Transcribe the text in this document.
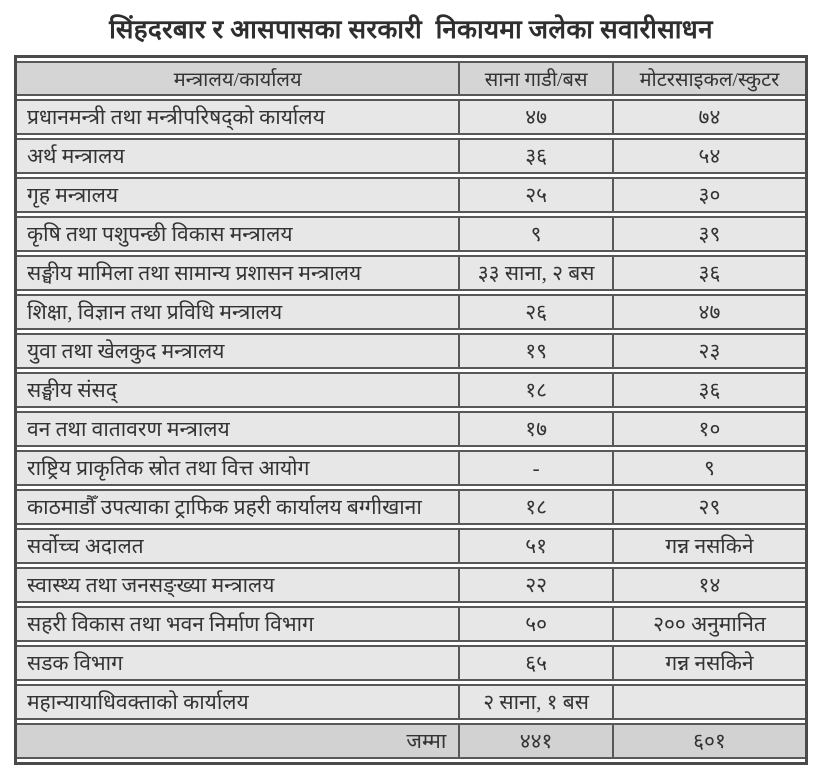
सिंहदरबार र आसपासका सरकारी  निकायमा जलेका सवारीसाधन
मन्त्रालय/कार्यालय	साना गाडी/बस	मोटरसाइकल/स्कुटर
प्रधानमन्त्री तथा मन्त्रीपरिषद्को कार्यालय	४७	७४
अर्थ मन्त्रालय	३६	५४
गृह मन्त्रालय	२५	३०
कृषि तथा पशुपन्छी विकास मन्त्रालय	९	३९
सङ्घीय मामिला तथा सामान्य प्रशासन मन्त्रालय	३३ साना, २ बस	३६
शिक्षा, विज्ञान तथा प्रविधि मन्त्रालय	२६	४७
युवा तथा खेलकुद मन्त्रालय	१९	२३
सङ्घीय संसद्	१८	३६
वन तथा वातावरण मन्त्रालय	१७	१०
राष्ट्रिय प्राकृतिक स्रोत तथा वित्त आयोग	-	९
काठमाडौँ उपत्याका ट्राफिक प्रहरी कार्यालय बग्गीखाना	१८	२९
सर्वोच्च अदालत	५१	गन्न नसकिने
स्वास्थ्य तथा जनसङ्ख्या मन्त्रालय	२२	१४
सहरी विकास तथा भवन निर्माण विभाग	५०	२०० अनुमानित
सडक विभाग	६५	गन्न नसकिने
महान्यायाधिवक्ताको कार्यालय	२ साना, १ बस	
जम्मा	४४१	६०१
